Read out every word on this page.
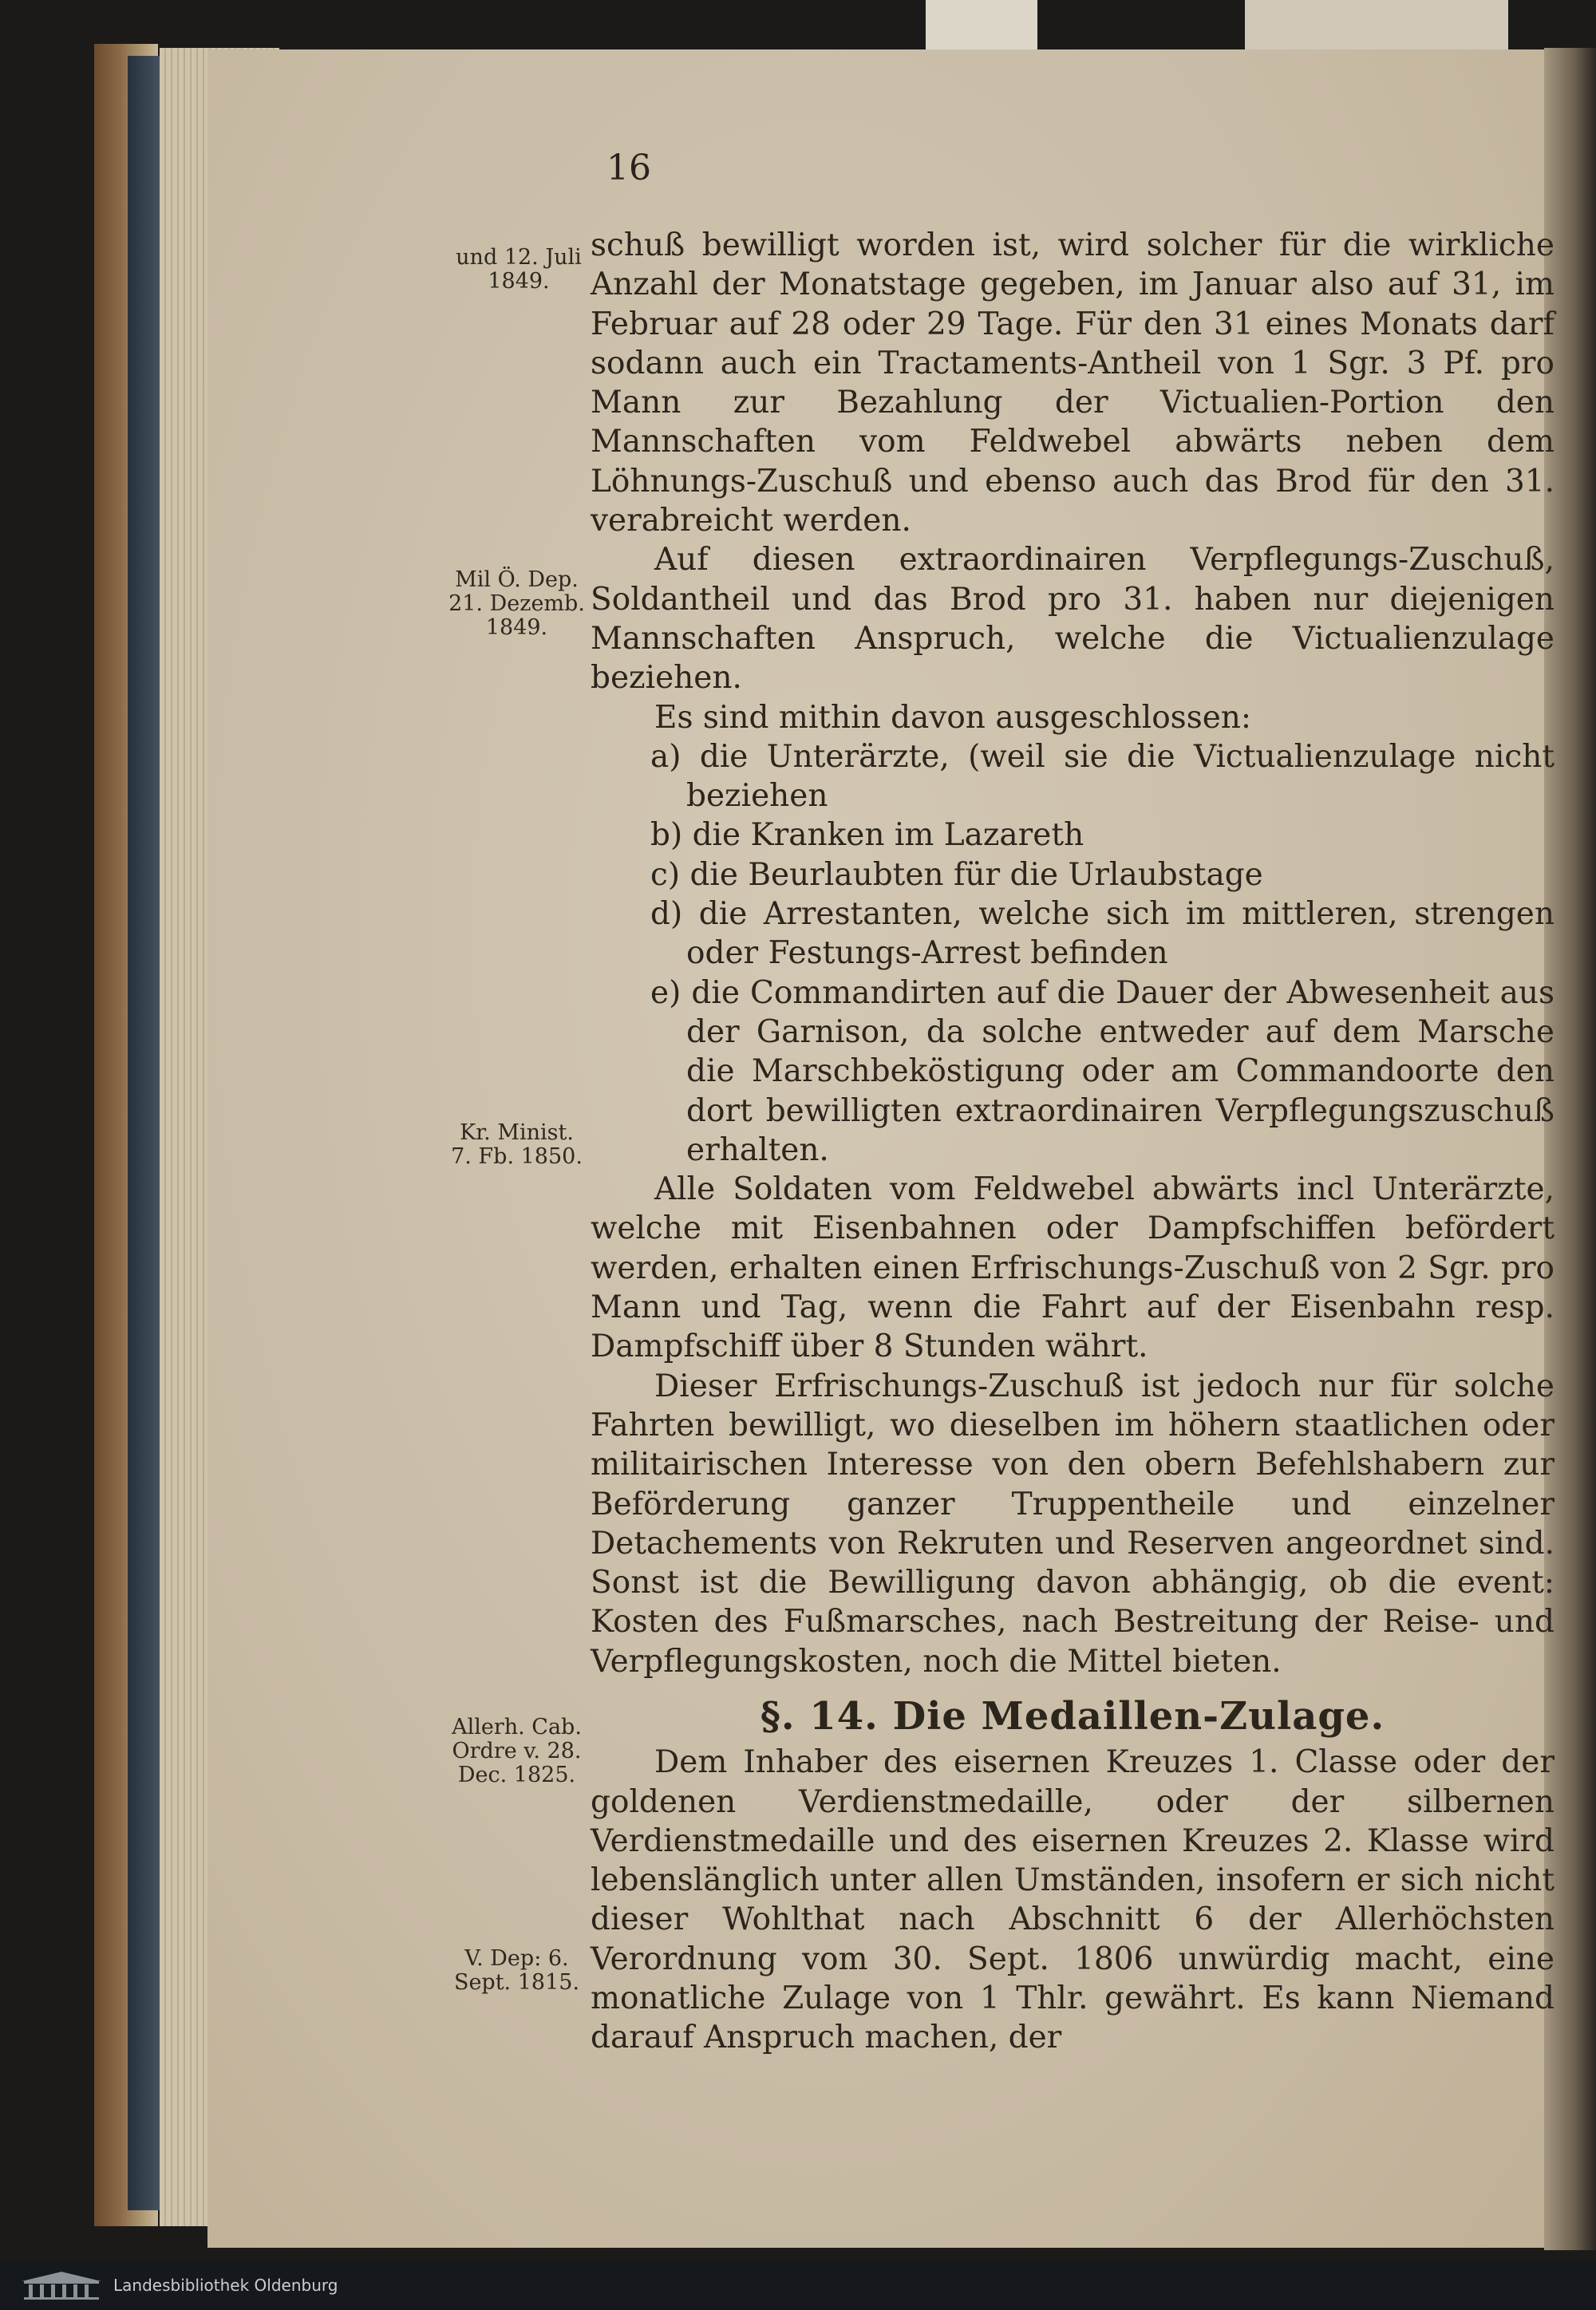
16
und 12. Juli
1849.
Mil Ö. Dep.
21. Dezemb.
1849.
Kr. Minist.
7. Fb. 1850.
Allerh. Cab.
Ordre v. 28.
Dec. 1825.
V. Dep: 6.
Sept. 1815.

schuß bewilligt worden ist, wird solcher für die wirkliche Anzahl der Monatstage gegeben, im Januar also auf 31, im Februar auf 28 oder 29 Tage. Für den 31 eines Monats darf sodann auch ein Tractaments-Antheil von 1 Sgr. 3 Pf. pro Mann zur Bezahlung der Victualien-Portion den Mannschaften vom Feldwebel abwärts neben dem Löhnungs-Zuschuß und ebenso auch das Brod für den 31. verabreicht werden.

Auf diesen extraordinairen Verpflegungs-Zuschuß, Soldantheil und das Brod pro 31. haben nur diejenigen Mannschaften Anspruch, welche die Victualienzulage beziehen.

Es sind mithin davon ausgeschlossen:

a) die Unterärzte, (weil sie die Victualienzulage nicht beziehen

b) die Kranken im Lazareth

c) die Beurlaubten für die Urlaubstage

d) die Arrestanten, welche sich im mittleren, strengen oder Festungs-Arrest befinden

e) die Commandirten auf die Dauer der Abwesenheit aus der Garnison, da solche entweder auf dem Marsche die Marschbeköstigung oder am Commandoorte den dort bewilligten extraordinairen Verpflegungszuschuß erhalten.

Alle Soldaten vom Feldwebel abwärts incl Unterärzte, welche mit Eisenbahnen oder Dampfschiffen befördert werden, erhalten einen Erfrischungs-Zuschuß von 2 Sgr. pro Mann und Tag, wenn die Fahrt auf der Eisenbahn resp. Dampfschiff über 8 Stunden währt.

Dieser Erfrischungs-Zuschuß ist jedoch nur für solche Fahrten bewilligt, wo dieselben im höhern staatlichen oder militairischen Interesse von den obern Befehlshabern zur Beförderung ganzer Truppentheile und einzelner Detachements von Rekruten und Reserven angeordnet sind. Sonst ist die Bewilligung davon abhängig, ob die event: Kosten des Fußmarsches, nach Bestreitung der Reise- und Verpflegungskosten, noch die Mittel bieten.

§. 14. Die Medaillen-Zulage.

Dem Inhaber des eisernen Kreuzes 1. Classe oder der goldenen Verdienstmedaille, oder der silbernen Verdienstmedaille und des eisernen Kreuzes 2. Klasse wird lebenslänglich unter allen Umständen, insofern er sich nicht dieser Wohlthat nach Abschnitt 6 der Allerhöchsten Verordnung vom 30. Sept. 1806 unwürdig macht, eine monatliche Zulage von 1 Thlr. gewährt. Es kann Niemand darauf Anspruch machen, der

Landesbibliothek Oldenburg
